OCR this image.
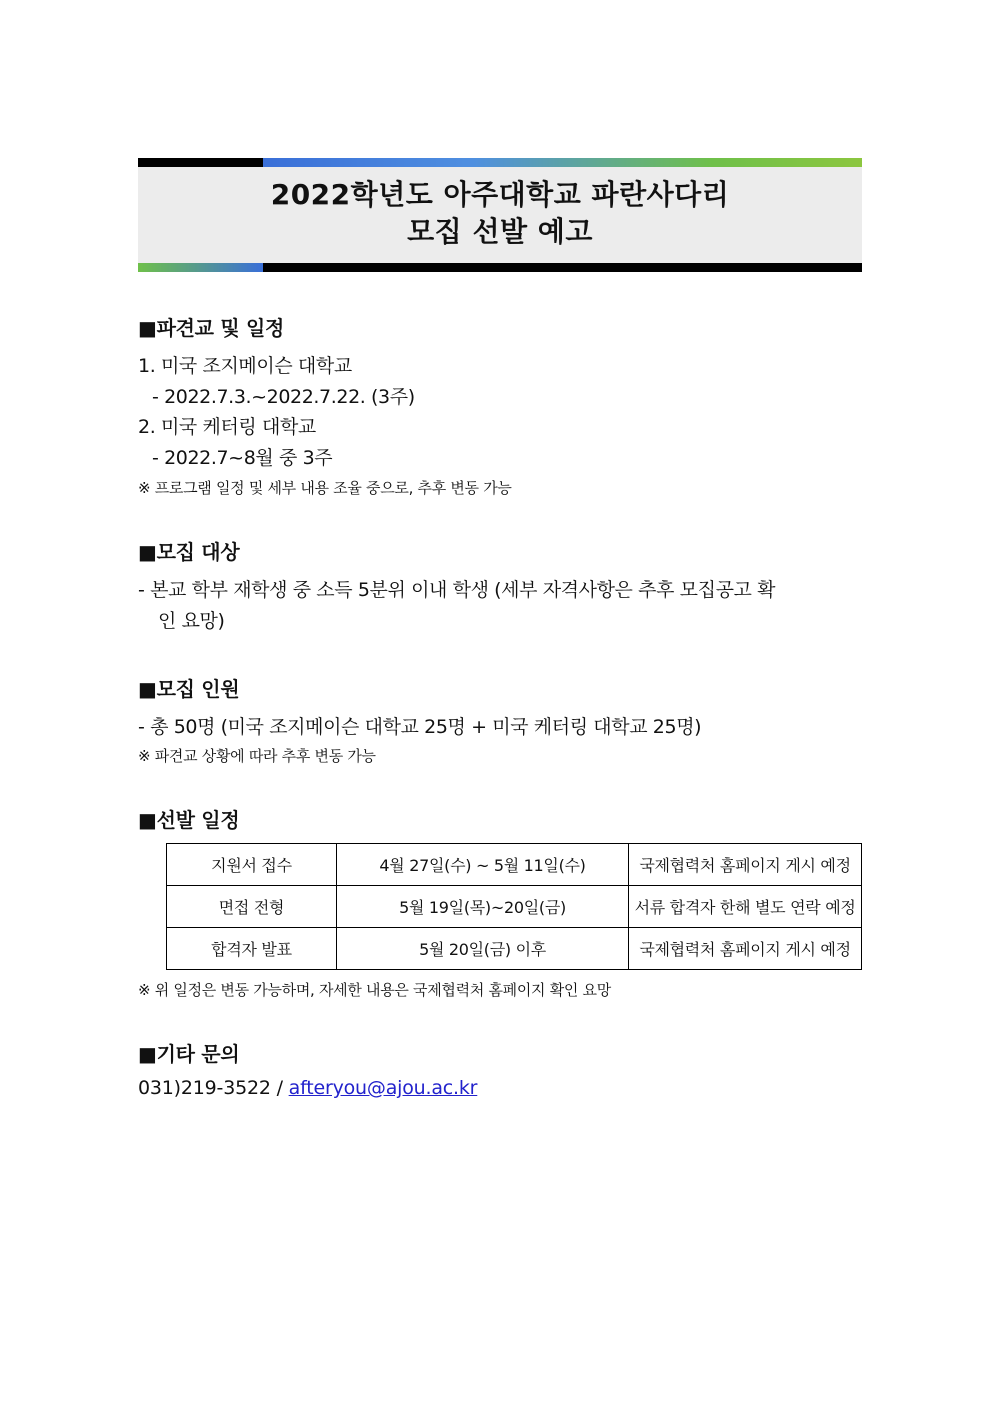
2022학년도 아주대학교 파란사다리
모집 선발 예고
■파견교 및 일정
1. 미국 조지메이슨 대학교
- 2022.7.3.~2022.7.22. (3주)
2. 미국 케터링 대학교
- 2022.7~8월 중 3주
※ 프로그램 일정 및 세부 내용 조율 중으로, 추후 변동 가능
■모집 대상
- 본교 학부 재학생 중 소득 5분위 이내 학생 (세부 자격사항은 추후 모집공고 확
인 요망)
■모집 인원
- 총 50명 (미국 조지메이슨 대학교 25명 + 미국 케터링 대학교 25명)
※ 파견교 상황에 따라 추후 변동 가능
■선발 일정
지원서 접수	4월 27일(수) ~ 5월 11일(수)	국제협력처 홈페이지 게시 예정
면접 전형	5월 19일(목)~20일(금)	서류 합격자 한해 별도 연락 예정
합격자 발표	5월 20일(금) 이후	국제협력처 홈페이지 게시 예정
※ 위 일정은 변동 가능하며, 자세한 내용은 국제협력처 홈페이지 확인 요망
■기타 문의
031)219-3522 / afteryou@ajou.ac.kr
